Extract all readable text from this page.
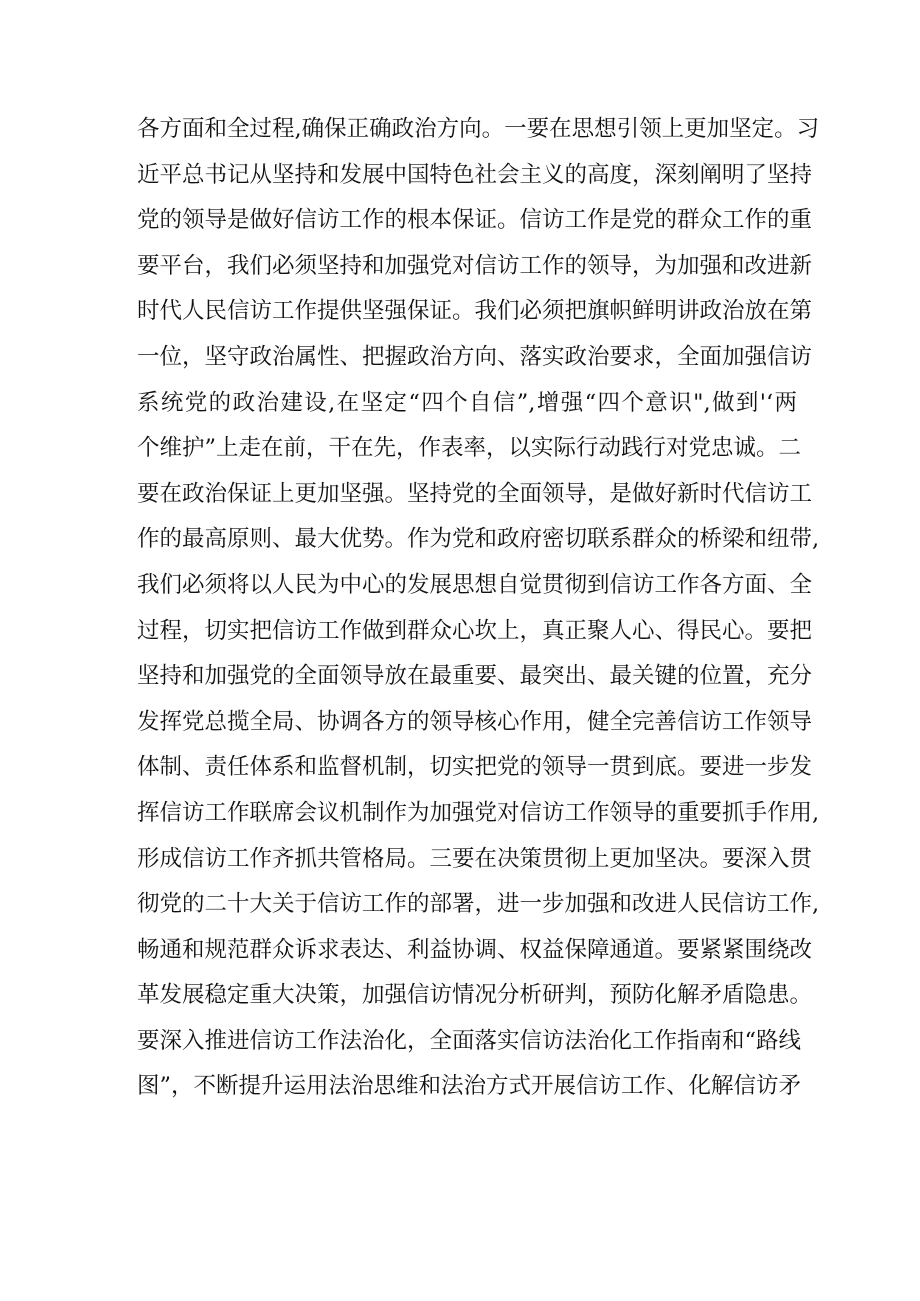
各方面和全过程,确保正确政治方向。一要在思想引领上更加坚定。习
近平总书记从坚持和发展中国特色社会主义的高度，深刻阐明了坚持
党的领导是做好信访工作的根本保证。信访工作是党的群众工作的重
要平台，我们必须坚持和加强党对信访工作的领导，为加强和改进新
时代人民信访工作提供坚强保证。我们必须把旗帜鲜明讲政治放在第
一位，坚守政治属性、把握政治方向、落实政治要求，全面加强信访
系统党的政治建设,在坚定“四个自信”,增强“四个意识",做到'‘两
个维护”上走在前，干在先，作表率，以实际行动践行对党忠诚。二
要在政治保证上更加坚强。坚持党的全面领导，是做好新时代信访工
作的最高原则、最大优势。作为党和政府密切联系群众的桥梁和纽带,
我们必须将以人民为中心的发展思想自觉贯彻到信访工作各方面、全
过程，切实把信访工作做到群众心坎上，真正聚人心、得民心。要把
坚持和加强党的全面领导放在最重要、最突出、最关键的位置，充分
发挥党总揽全局、协调各方的领导核心作用，健全完善信访工作领导
体制、责任体系和监督机制，切实把党的领导一贯到底。要进一步发
挥信访工作联席会议机制作为加强党对信访工作领导的重要抓手作用,
形成信访工作齐抓共管格局。三要在决策贯彻上更加坚决。要深入贯
彻党的二十大关于信访工作的部署，进一步加强和改进人民信访工作,
畅通和规范群众诉求表达、利益协调、权益保障通道。要紧紧围绕改
革发展稳定重大决策，加强信访情况分析研判，预防化解矛盾隐患。
要深入推进信访工作法治化，全面落实信访法治化工作指南和“路线
图”，不断提升运用法治思维和法治方式开展信访工作、化解信访矛
